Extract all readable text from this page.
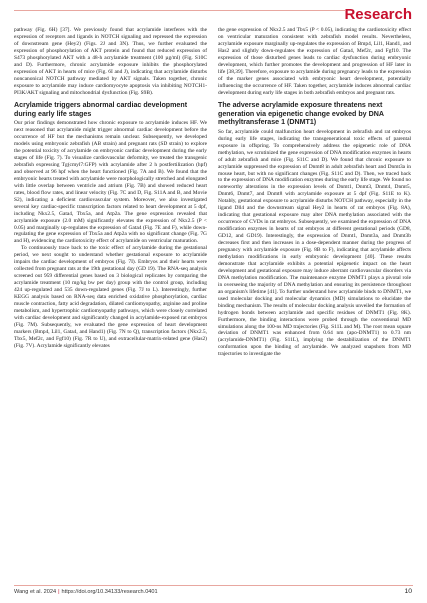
Research

pathway (Fig. 6H) [37]. We previously found that acrylamide interferes with the expression of receptors and ligands in NOTCH signaling and repressed the expression of downstream gene (Hey2) (Figs. 2J and 3N). Thus, we further evaluated the expression of phosphorylation of AKT protein and found that reduced expression of S473 phosphorylated AKT with a 48-h acrylamide treatment (100 µg/ml) (Fig. S10C and D). Furthermore, chronic acrylamide exposure inhibits the phosphorylated expression of AKT in hearts of mice (Fig. 6I and J), indicating that acrylamide disturbs noncanonical NOTCH pathway mediated by AKT signals. Taken together, chronic exposure to acrylamide may induce cardiomyocyte apoptosis via inhibiting NOTCH1-PI3K/AKT signaling and mitochondrial dysfunction (Fig. S9B).

Acrylamide triggers abnormal cardiac development during early life stages

Our prior findings demonstrated how chronic exposure to acrylamide induces HF. We next reasoned that acrylamide might trigger abnormal cardiac development before the occurrence of HF but the mechanisms remain unclear. Subsequently, we developed models using embryonic zebrafish (AB strain) and pregnant rats (SD strain) to explore the potential toxicity of acrylamide on embryonic cardiac development during the early stages of life (Fig. 7). To visualize cardiovascular deformity, we treated the transgenic zebrafish expressing Tg(cmyl7:GFP) with acrylamide after 2 h postfertilization (hpf) and observed at 96 hpf when the heart functioned (Fig. 7A and B). We found that the embryonic hearts treated with acrylamide were morphologically stretched and elongated with little overlap between ventricle and atrium (Fig. 7B) and showed reduced heart rates, blood flow rates, and linear velocity (Fig. 7C and D, Fig. S11A and B, and Movie S2), indicating a deficient cardiovascular system. Moreover, we also investigated several key cardiac-specific transcription factors related to heart development at 5 dpf, including Nkx2.5, Gata4, Tbx5a, and Atp2a. The gene expression revealed that acrylamide exposure (2.0 mM) significantly elevates the expression of Nkx2.5 (P < 0.05) and marginally up-regulates the expression of Gata4 (Fig. 7E and F), while down-regulating the gene expression of Tbx5a and Atp2a with no significant change (Fig. 7G and H), evidencing the cardiotoxicity effect of acrylamide on ventricular maturation.

To continuously trace back to the toxic effect of acrylamide during the gestational period, we next sought to understand whether gestational exposure to acrylamide impairs the cardiac development of embryos (Fig. 7I). Embryos and their hearts were collected from pregnant rats at the 19th gestational day (GD 19). The RNA-seq analysis screened out 959 differential genes based on 3 biological replicates by comparing the acrylamide treatment (10 mg/kg bw per day) group with the control group, including 424 up-regulated and 535 down-regulated genes (Fig. 7J to L). Interestingly, further KEGG analysis based on RNA-seq data enriched oxidative phosphorylation, cardiac muscle contraction, fatty acid degradation, dilated cardiomyopathy, arginine and proline metabolism, and hypertrophic cardiomyopathy pathways, which were closely correlated with cardiac development and significantly changed in acrylamide-exposed rat embryos (Fig. 7M). Subsequently, we evaluated the gene expression of heart development markers (Bmp4, Lil1, Gata4, and Hand1) (Fig. 7N to Q), transcription factors (Nkx2.5, Tbx5, Mef2c, and Fgf10) (Fig. 7R to U), and extracellular-matrix-related gene (Has2) (Fig. 7V). Acrylamide significantly elevates

the gene expression of Nkx2.5 and Tbx5 (P < 0.05), indicating the cardiotoxicity effect on ventricular maturation consistent with zebrafish model results. Nevertheless, acrylamide exposure marginally up-regulates the expression of Bmp4, Lil1, Hand1, and Has2 and slightly down-regulates the expression of Gata4, Mef2c, and Fgf10. The expression of those disturbed genes leads to cardiac dysfunction during embryonic development, which further promotes the development and progression of HF later in life [38,39]. Therefore, exposure to acrylamide during pregnancy leads to the expression of the marker genes associated with embryonic heart development, potentially influencing the occurrence of HF. Taken together, acrylamide induces abnormal cardiac development during early life stages in both zebrafish embryos and pregnant rats.

The adverse acrylamide exposure threatens next generation via epigenetic change evoked by DNA methyltransferase 1 (DNMT1)

So far, acrylamide could malfunction heart development in zebrafish and rat embryos during early life stages, indicating the transgenerational toxic effects of parental exposure in offspring. To comprehensively address the epigenetic role of DNA methylation, we scrutinized the gene expression of DNA modification enzymes in hearts of adult zebrafish and mice (Fig. S11C and D). We found that chronic exposure to acrylamide suppressed the expression of Dnmt8 in adult zebrafish heart and Dnmt3a in mouse heart, but with no significant changes (Fig. S11C and D). Then, we traced back to the expression of DNA modification enzymes during the early life stage. We found no noteworthy alterations in the expression levels of Dnmt1, Dnmt3, Dnmt4, Dnmt5, Dnmt6, Dnmt7, and Dnmt8 with acrylamide exposure at 5 dpf (Fig. S11E to K). Notably, gestational exposure to acrylamide disturbs NOTCH pathway, especially in the ligand Dll4 and the downstream signal Hey2 in hearts of rat embryos (Fig. 8A), indicating that gestational exposure may alter DNA methylation associated with the occurrence of CVDs in rat embryos. Subsequently, we examined the expression of DNA modification enzymes in hearts of rat embryos at different gestational periods (GD8, GD12, and GD19). Interestingly, the expression of Dnmt1, Dnmt3a, and Dnmt3b decreases first and then increases in a dose-dependent manner during the progress of pregnancy with acrylamide exposure (Fig. 8B to F), indicating that acrylamide affects methylation modifications in early embryonic development [40]. These results demonstrate that acrylamide exhibits a potential epigenetic impact on the heart development and gestational exposure may induce aberrant cardiovascular disorders via DNA methylation modification. The maintenance enzyme DNMT1 plays a pivotal role in overseeing the majority of DNA methylation and ensuring its persistence throughout an organism's lifetime [41]. To further understand how acrylamide binds to DNMT1, we used molecular docking and molecular dynamics (MD) simulations to elucidate the binding mechanism. The results of molecular docking analysis unveiled the formation of hydrogen bonds between acrylamide and specific residues of DNMT1 (Fig. 8K). Furthermore, the binding interactions were probed through the conventional MD simulations along the 100-ns MD trajectories (Fig. S11L and M). The root mean square deviation of DNMT1 was enhanced from 0.64 nm (apo-DNMT1) to 0.73 nm (acrylamide-DNMT1) (Fig. S11L), implying the destabilization of the DNMT1 conformation upon the binding of acrylamide. We analyzed snapshots from MD trajectories to investigate the

Wang et al. 2024 | https://doi.org/10.34133/research.0401	10
